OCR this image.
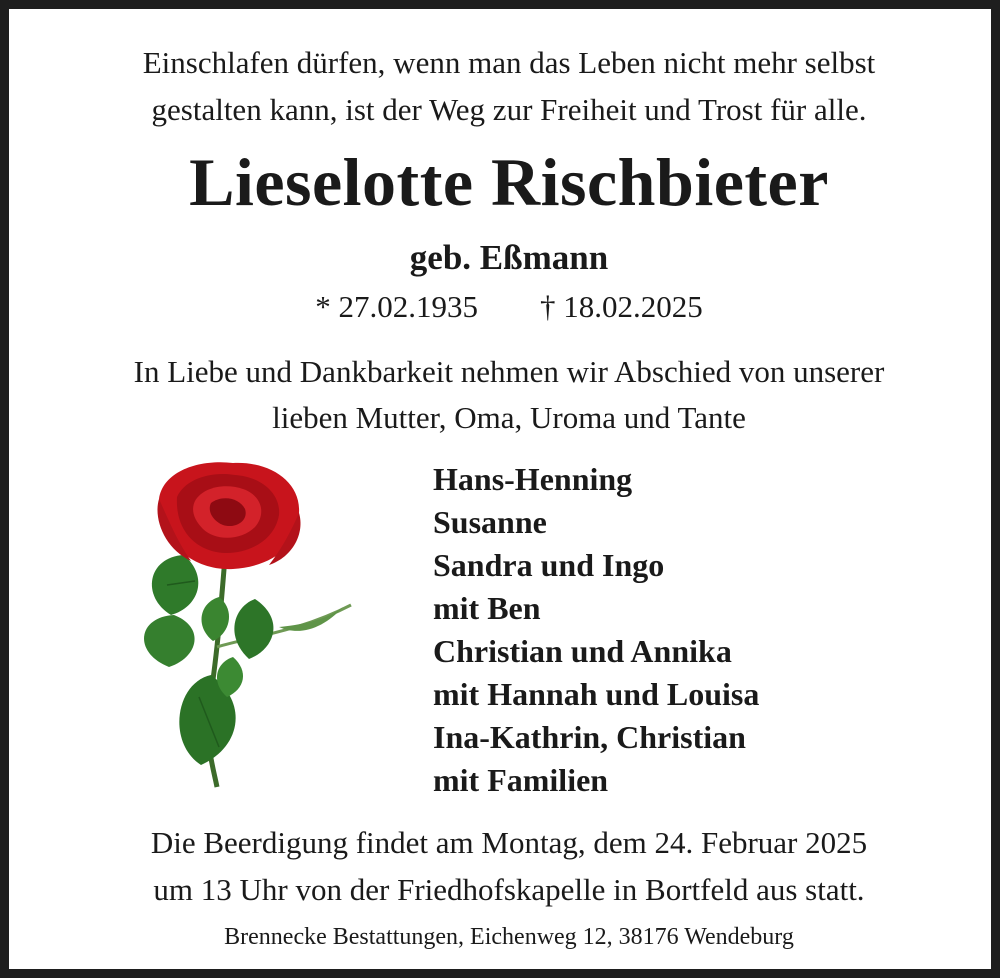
Einschlafen dürfen, wenn man das Leben nicht mehr selbst
gestalten kann, ist der Weg zur Freiheit und Trost für alle.
Lieselotte Rischbieter
geb. Eßmann
* 27.02.1935 † 18.02.2025
In Liebe und Dankbarkeit nehmen wir Abschied von unserer
lieben Mutter, Oma, Uroma und Tante
Hans-Henning
Susanne
Sandra und Ingo
mit Ben
Christian und Annika
mit Hannah und Louisa
Ina-Kathrin, Christian
mit Familien
Die Beerdigung findet am Montag, dem 24. Februar 2025
um 13 Uhr von der Friedhofskapelle in Bortfeld aus statt.
Brennecke Bestattungen, Eichenweg 12, 38176 Wendeburg
